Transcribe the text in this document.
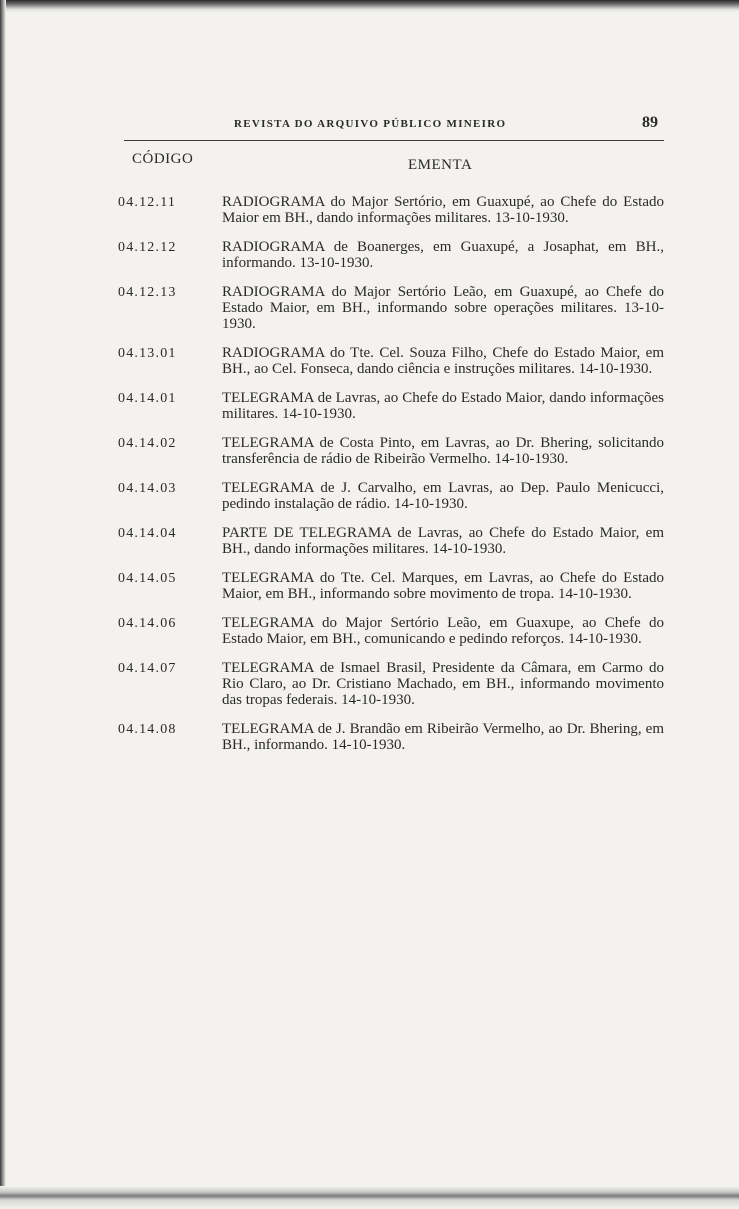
REVISTA DO ARQUIVO PÚBLICO MINEIRO	89
CÓDIGO	EMENTA
04.12.11	RADIOGRAMA do Major Sertório, em Guaxupé, ao Chefe do Estado Maior em BH., dando informações militares. 13-10-1930.
04.12.12	RADIOGRAMA de Boanerges, em Guaxupé, a Josaphat, em BH., informando. 13-10-1930.
04.12.13	RADIOGRAMA do Major Sertório Leão, em Guaxupé, ao Chefe do Estado Maior, em BH., informando sobre operações militares. 13-10-1930.
04.13.01	RADIOGRAMA do Tte. Cel. Souza Filho, Chefe do Estado Maior, em BH., ao Cel. Fonseca, dando ciência e instruções militares. 14-10-1930.
04.14.01	TELEGRAMA de Lavras, ao Chefe do Estado Maior, dando informações militares. 14-10-1930.
04.14.02	TELEGRAMA de Costa Pinto, em Lavras, ao Dr. Bhering, solicitando transferência de rádio de Ribeirão Vermelho. 14-10-1930.
04.14.03	TELEGRAMA de J. Carvalho, em Lavras, ao Dep. Paulo Menicucci, pedindo instalação de rádio. 14-10-1930.
04.14.04	PARTE DE TELEGRAMA de Lavras, ao Chefe do Estado Maior, em BH., dando informações militares. 14-10-1930.
04.14.05	TELEGRAMA do Tte. Cel. Marques, em Lavras, ao Chefe do Estado Maior, em BH., informando sobre movimento de tropa. 14-10-1930.
04.14.06	TELEGRAMA do Major Sertório Leão, em Guaxupe, ao Chefe do Estado Maior, em BH., comunicando e pedindo reforços. 14-10-1930.
04.14.07	TELEGRAMA de Ismael Brasil, Presidente da Câmara, em Carmo do Rio Claro, ao Dr. Cristiano Machado, em BH., informando movimento das tropas federais. 14-10-1930.
04.14.08	TELEGRAMA de J. Brandão em Ribeirão Vermelho, ao Dr. Bhering, em BH., informando. 14-10-1930.
